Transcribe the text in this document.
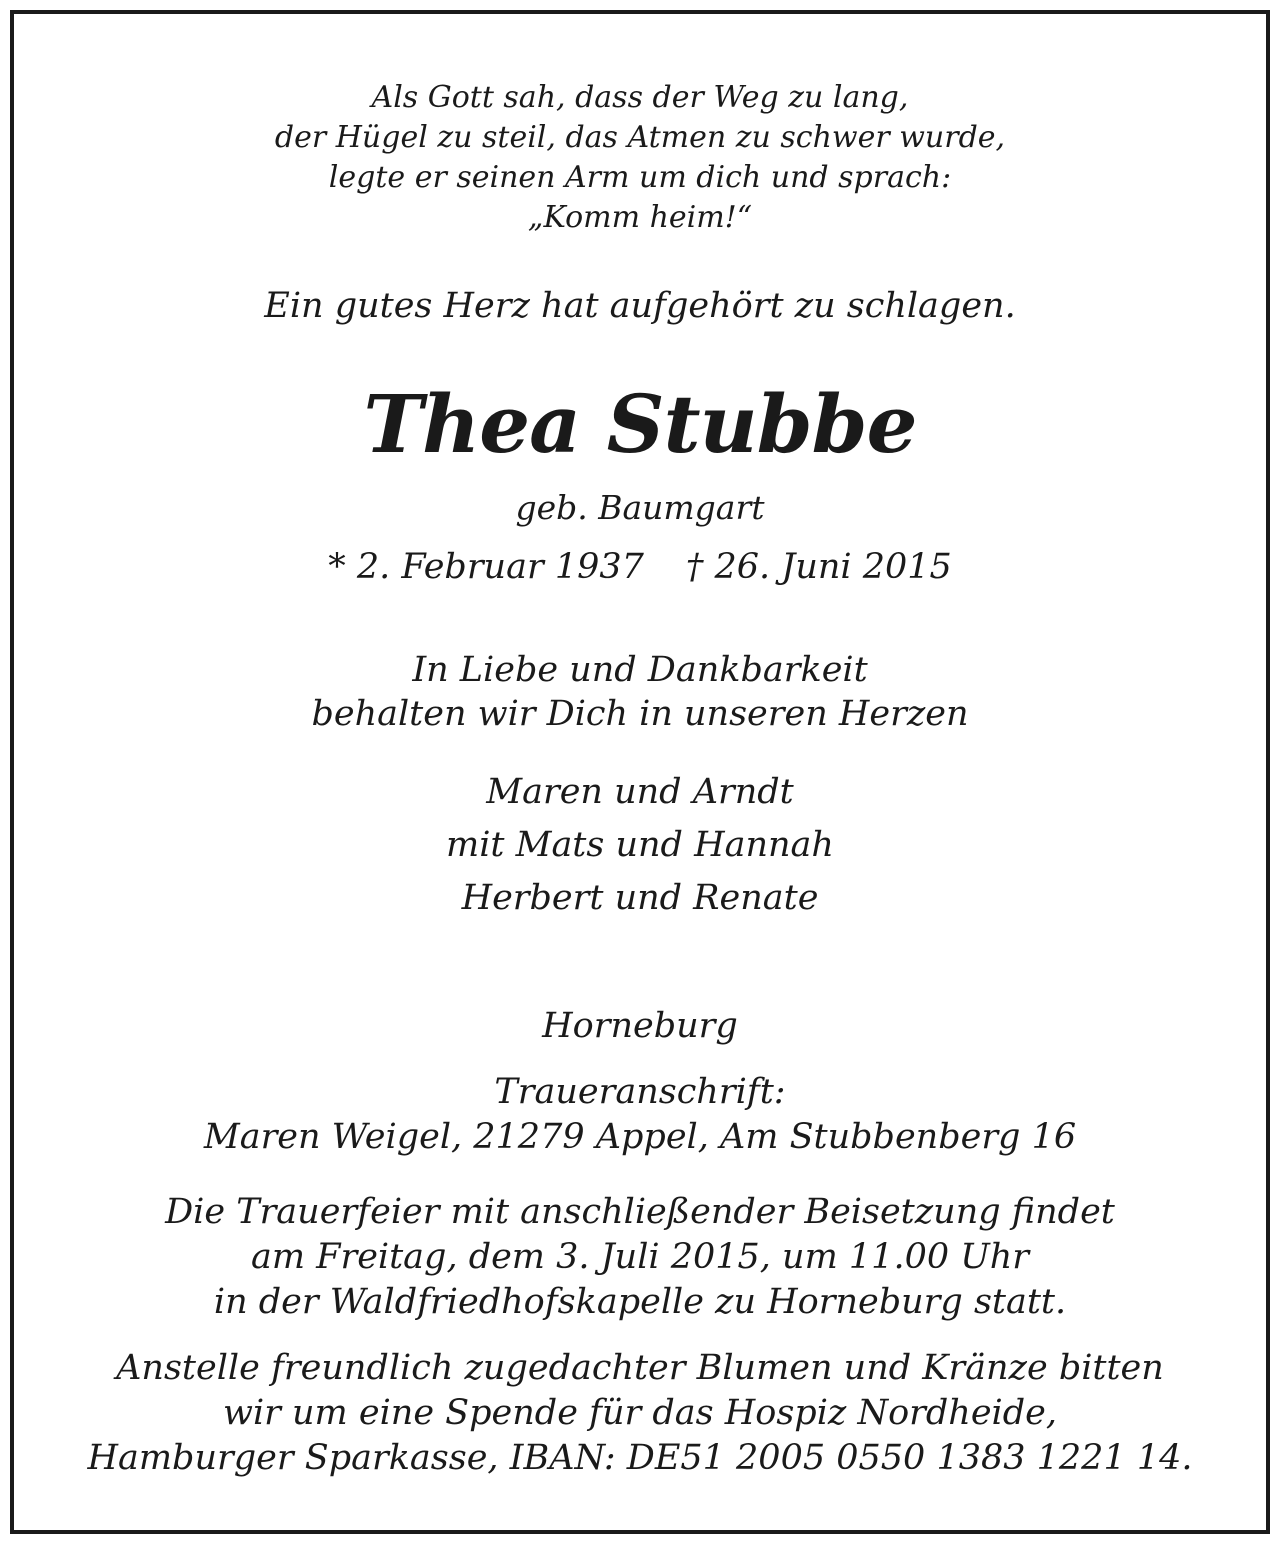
Als Gott sah, dass der Weg zu lang,
der Hügel zu steil, das Atmen zu schwer wurde,
legte er seinen Arm um dich und sprach:
„Komm heim!“
Ein gutes Herz hat aufgehört zu schlagen.
Thea Stubbe
geb. Baumgart
* 2. Februar 1937 † 26. Juni 2015
In Liebe und Dankbarkeit
behalten wir Dich in unseren Herzen
Maren und Arndt
mit Mats und Hannah
Herbert und Renate
Horneburg
Traueranschrift:
Maren Weigel, 21279 Appel, Am Stubbenberg 16
Die Trauerfeier mit anschließender Beisetzung findet
am Freitag, dem 3. Juli 2015, um 11.00 Uhr
in der Waldfriedhofskapelle zu Horneburg statt.
Anstelle freundlich zugedachter Blumen und Kränze bitten
wir um eine Spende für das Hospiz Nordheide,
Hamburger Sparkasse, IBAN: DE51 2005 0550 1383 1221 14.
